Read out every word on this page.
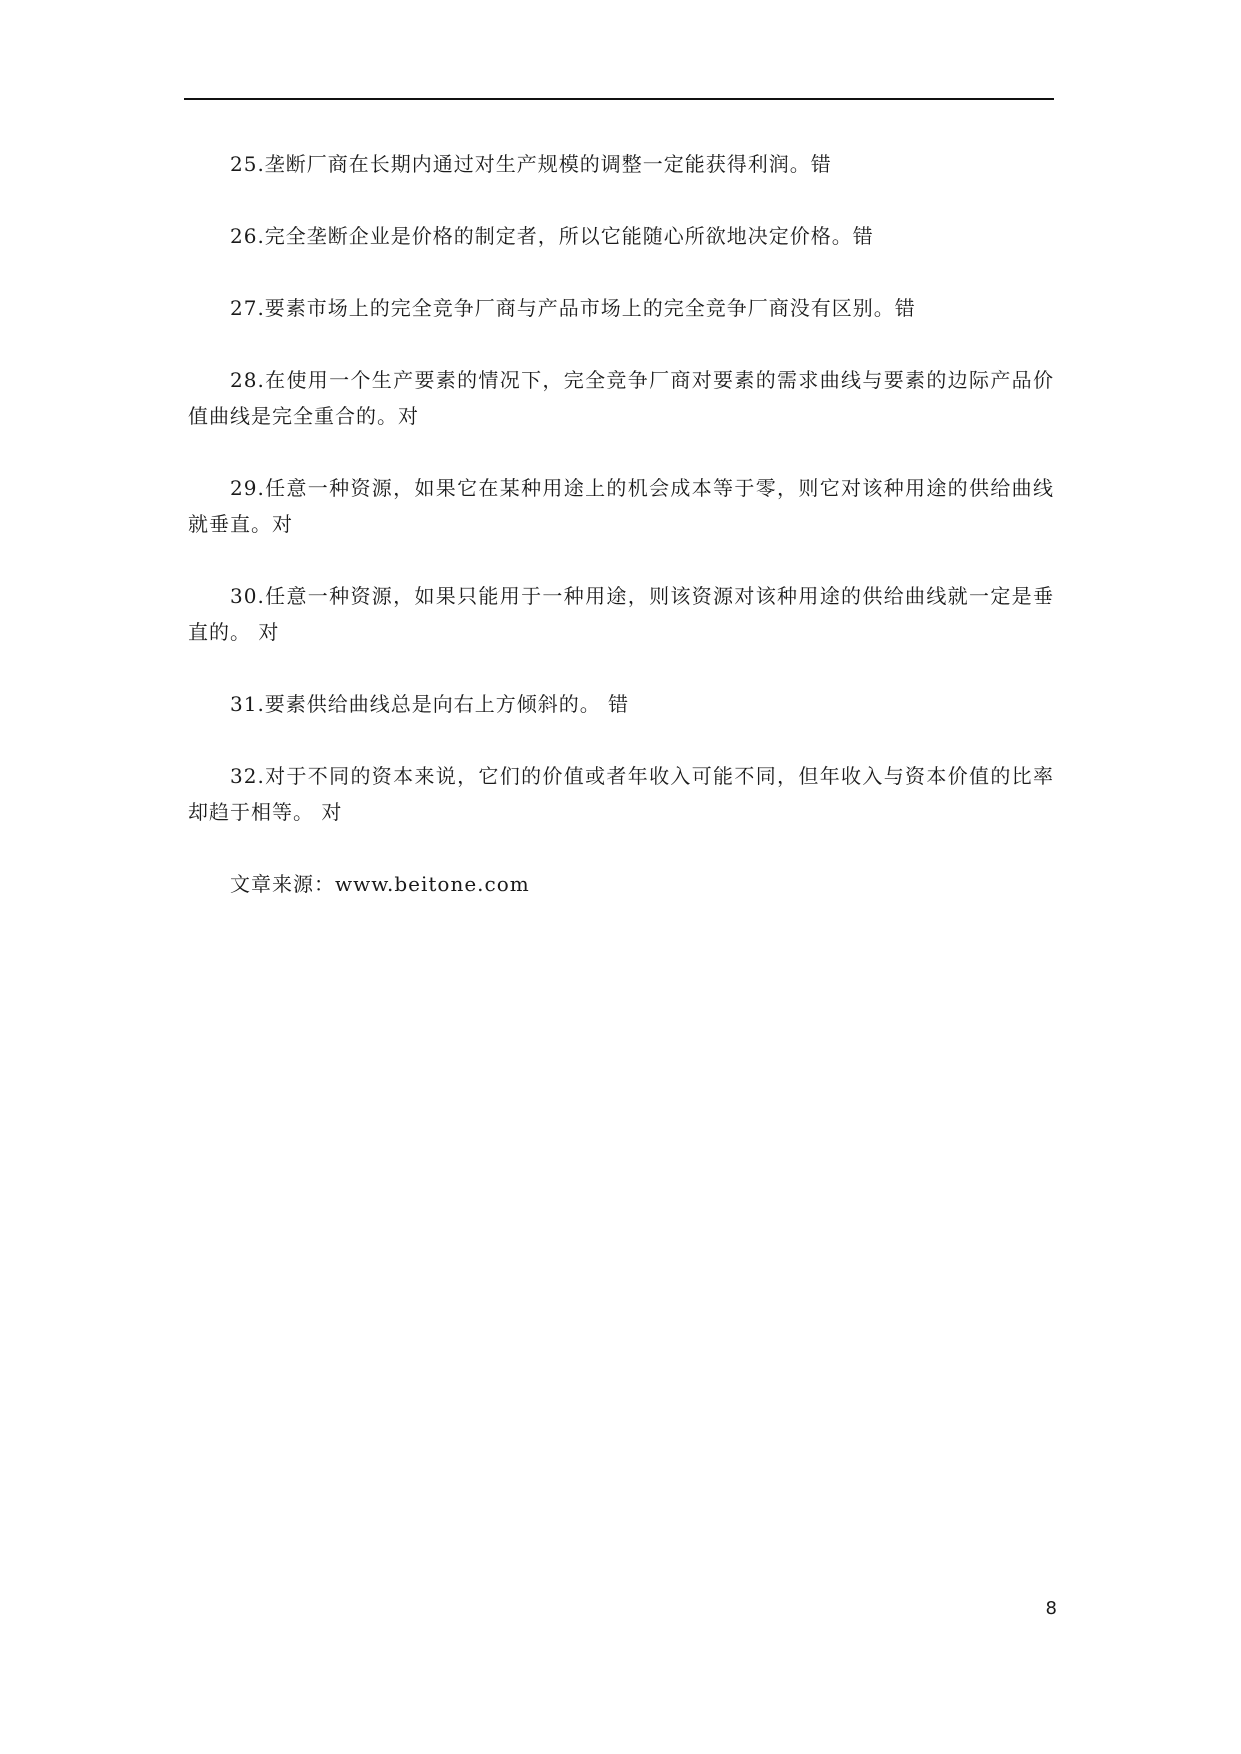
25.垄断厂商在长期内通过对生产规模的调整一定能获得利润。错

26.完全垄断企业是价格的制定者，所以它能随心所欲地决定价格。错

27.要素市场上的完全竞争厂商与产品市场上的完全竞争厂商没有区别。错

28.在使用一个生产要素的情况下，完全竞争厂商对要素的需求曲线与要素的边际产品价值曲线是完全重合的。对

29.任意一种资源，如果它在某种用途上的机会成本等于零，则它对该种用途的供给曲线就垂直。对

30.任意一种资源，如果只能用于一种用途，则该资源对该种用途的供给曲线就一定是垂直的。 对

31.要素供给曲线总是向右上方倾斜的。 错

32.对于不同的资本来说，它们的价值或者年收入可能不同，但年收入与资本价值的比率却趋于相等。 对

文章来源：www.beitone.com

8
